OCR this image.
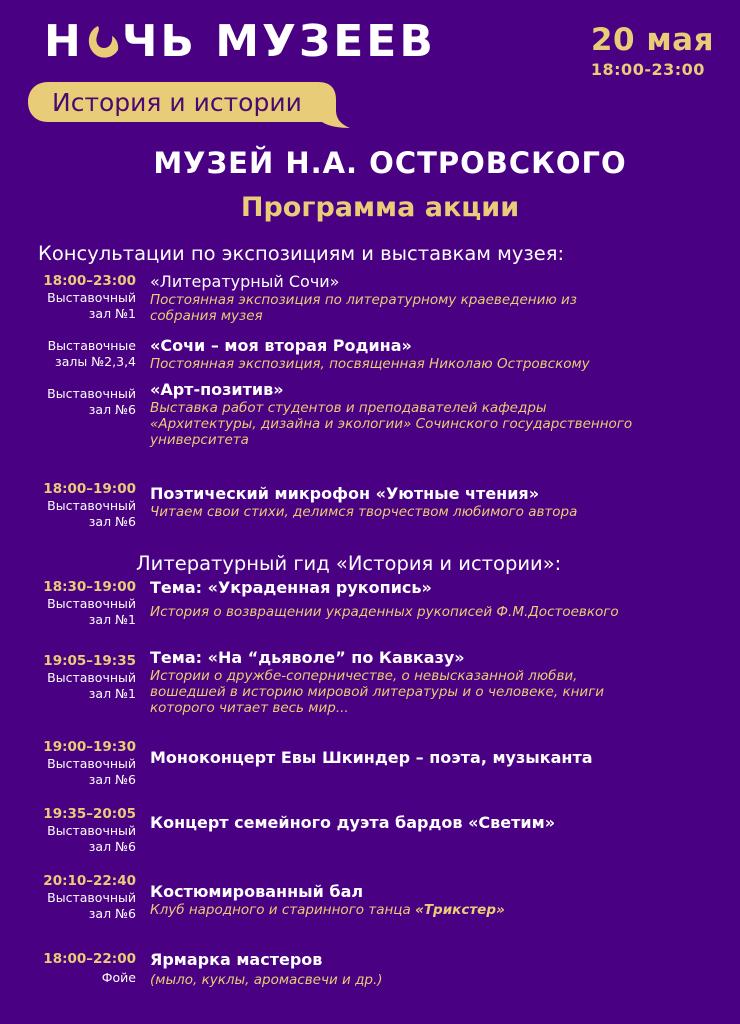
Н ЧЬ МУЗЕЕВ	20 мая
18:00-23:00
История и истории
МУЗЕЙ Н.А. ОСТРОВСКОГО
Программа акции
Консультации по экспозициям и выставкам музея:
18:00–23:00
Выставочный
зал №1
«Литературный Сочи»
Постоянная экспозиция по литературному краеведению из
собрания музея
Выставочные
залы №2,3,4
«Сочи – моя вторая Родина»
Постоянная экспозиция, посвященная Николаю Островскому
Выставочный
зал №6
«Арт-позитив»
Выставка работ студентов и преподавателей кафедры
«Архитектуры, дизайна и экологии» Сочинского государственного
университета
18:00–19:00
Выставочный
зал №6
Поэтический микрофон «Уютные чтения»
Читаем свои стихи, делимся творчеством любимого автора
Литературный гид «История и истории»:
18:30–19:00
Выставочный
зал №1
Тема: «Украденная рукопись»
История о возвращении украденных рукописей Ф.М.Достоевкого
19:05–19:35
Выставочный
зал №1
Тема: «На “дьяволе” по Кавказу»
Истории о дружбе-соперничестве, о невысказанной любви,
вошедшей в историю мировой литературы и о человеке, книги
которого читает весь мир...
19:00–19:30
Выставочный
зал №6
Моноконцерт Евы Шкиндер – поэта, музыканта
19:35–20:05
Выставочный
зал №6
Концерт семейного дуэта бардов «Светим»
20:10–22:40
Выставочный
зал №6
Костюмированный бал
Клуб народного и старинного танца «Трикстер»
18:00–22:00
Фойе
Ярмарка мастеров
(мыло, куклы, аромасвечи и др.)
